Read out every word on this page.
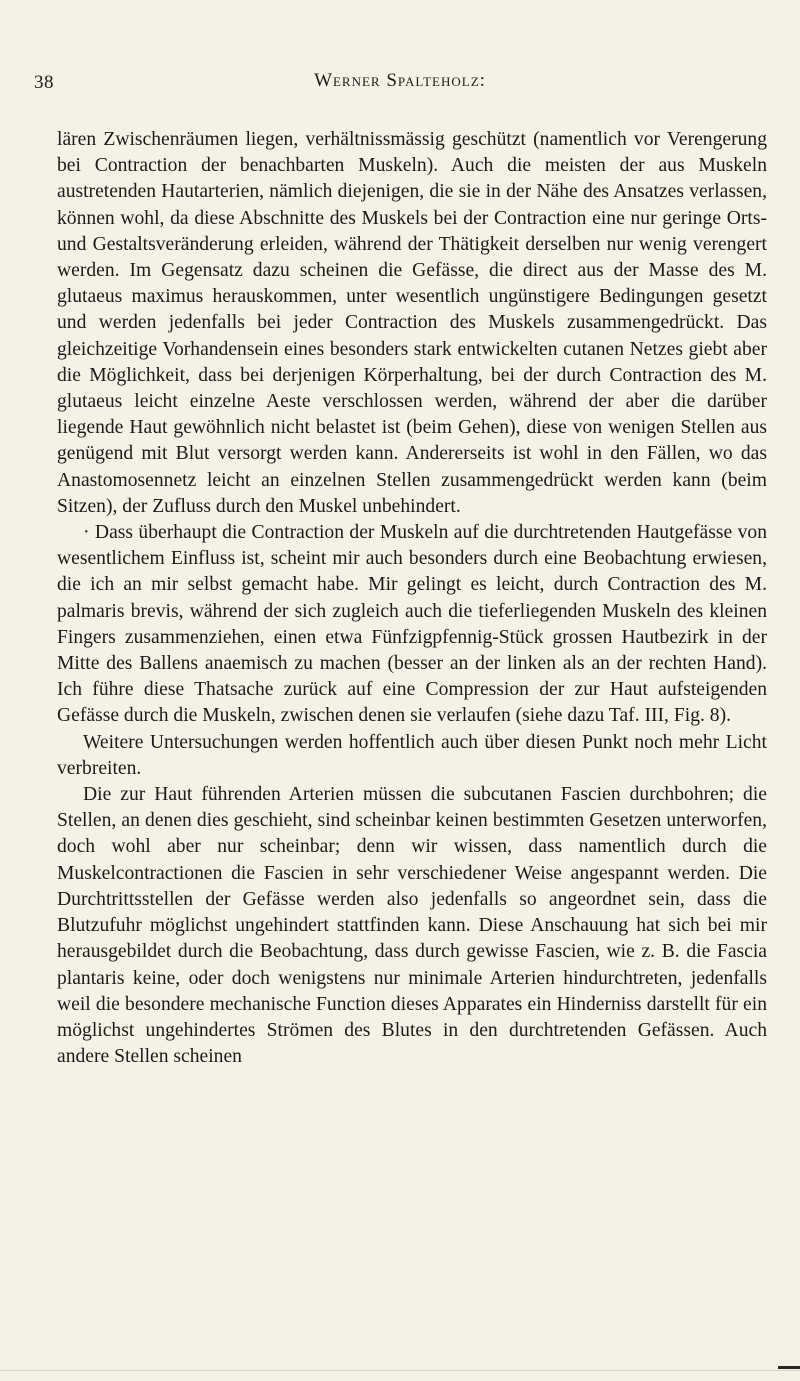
38	Werner Spalteholz:

lären Zwischenräumen liegen, verhältnissmässig geschützt (namentlich vor Verengerung bei Contraction der benachbarten Muskeln). Auch die meisten der aus Muskeln austretenden Hautarterien, nämlich diejenigen, die sie in der Nähe des Ansatzes verlassen, können wohl, da diese Abschnitte des Muskels bei der Contraction eine nur geringe Orts- und Gestaltsveränderung erleiden, während der Thätigkeit derselben nur wenig verengert werden. Im Gegensatz dazu scheinen die Gefässe, die direct aus der Masse des M. glutaeus maximus herauskommen, unter wesentlich ungünstigere Bedingungen gesetzt und werden jedenfalls bei jeder Contraction des Muskels zusammengedrückt. Das gleichzeitige Vorhandensein eines besonders stark entwickelten cutanen Netzes giebt aber die Möglichkeit, dass bei derjenigen Körperhaltung, bei der durch Contraction des M. glutaeus leicht einzelne Aeste verschlossen werden, während der aber die darüber liegende Haut gewöhnlich nicht belastet ist (beim Gehen), diese von wenigen Stellen aus genügend mit Blut versorgt werden kann. Andererseits ist wohl in den Fällen, wo das Anastomosennetz leicht an einzelnen Stellen zusammengedrückt werden kann (beim Sitzen), der Zufluss durch den Muskel unbehindert.

· Dass überhaupt die Contraction der Muskeln auf die durchtretenden Hautgefässe von wesentlichem Einfluss ist, scheint mir auch besonders durch eine Beobachtung erwiesen, die ich an mir selbst gemacht habe. Mir gelingt es leicht, durch Contraction des M. palmaris brevis, während der sich zugleich auch die tieferliegenden Muskeln des kleinen Fingers zusammenziehen, einen etwa Fünfzigpfennig-Stück grossen Hautbezirk in der Mitte des Ballens anaemisch zu machen (besser an der linken als an der rechten Hand). Ich führe diese Thatsache zurück auf eine Compression der zur Haut aufsteigenden Gefässe durch die Muskeln, zwischen denen sie verlaufen (siehe dazu Taf. III, Fig. 8).

Weitere Untersuchungen werden hoffentlich auch über diesen Punkt noch mehr Licht verbreiten.

Die zur Haut führenden Arterien müssen die subcutanen Fascien durchbohren; die Stellen, an denen dies geschieht, sind scheinbar keinen bestimmten Gesetzen unterworfen, doch wohl aber nur scheinbar; denn wir wissen, dass namentlich durch die Muskelcontractionen die Fascien in sehr verschiedener Weise angespannt werden. Die Durchtrittsstellen der Gefässe werden also jedenfalls so angeordnet sein, dass die Blutzufuhr möglichst ungehindert stattfinden kann. Diese Anschauung hat sich bei mir herausgebildet durch die Beobachtung, dass durch gewisse Fascien, wie z. B. die Fascia plantaris keine, oder doch wenigstens nur minimale Arterien hindurchtreten, jedenfalls weil die besondere mechanische Function dieses Apparates ein Hinderniss darstellt für ein möglichst ungehindertes Strömen des Blutes in den durchtretenden Gefässen. Auch andere Stellen scheinen
